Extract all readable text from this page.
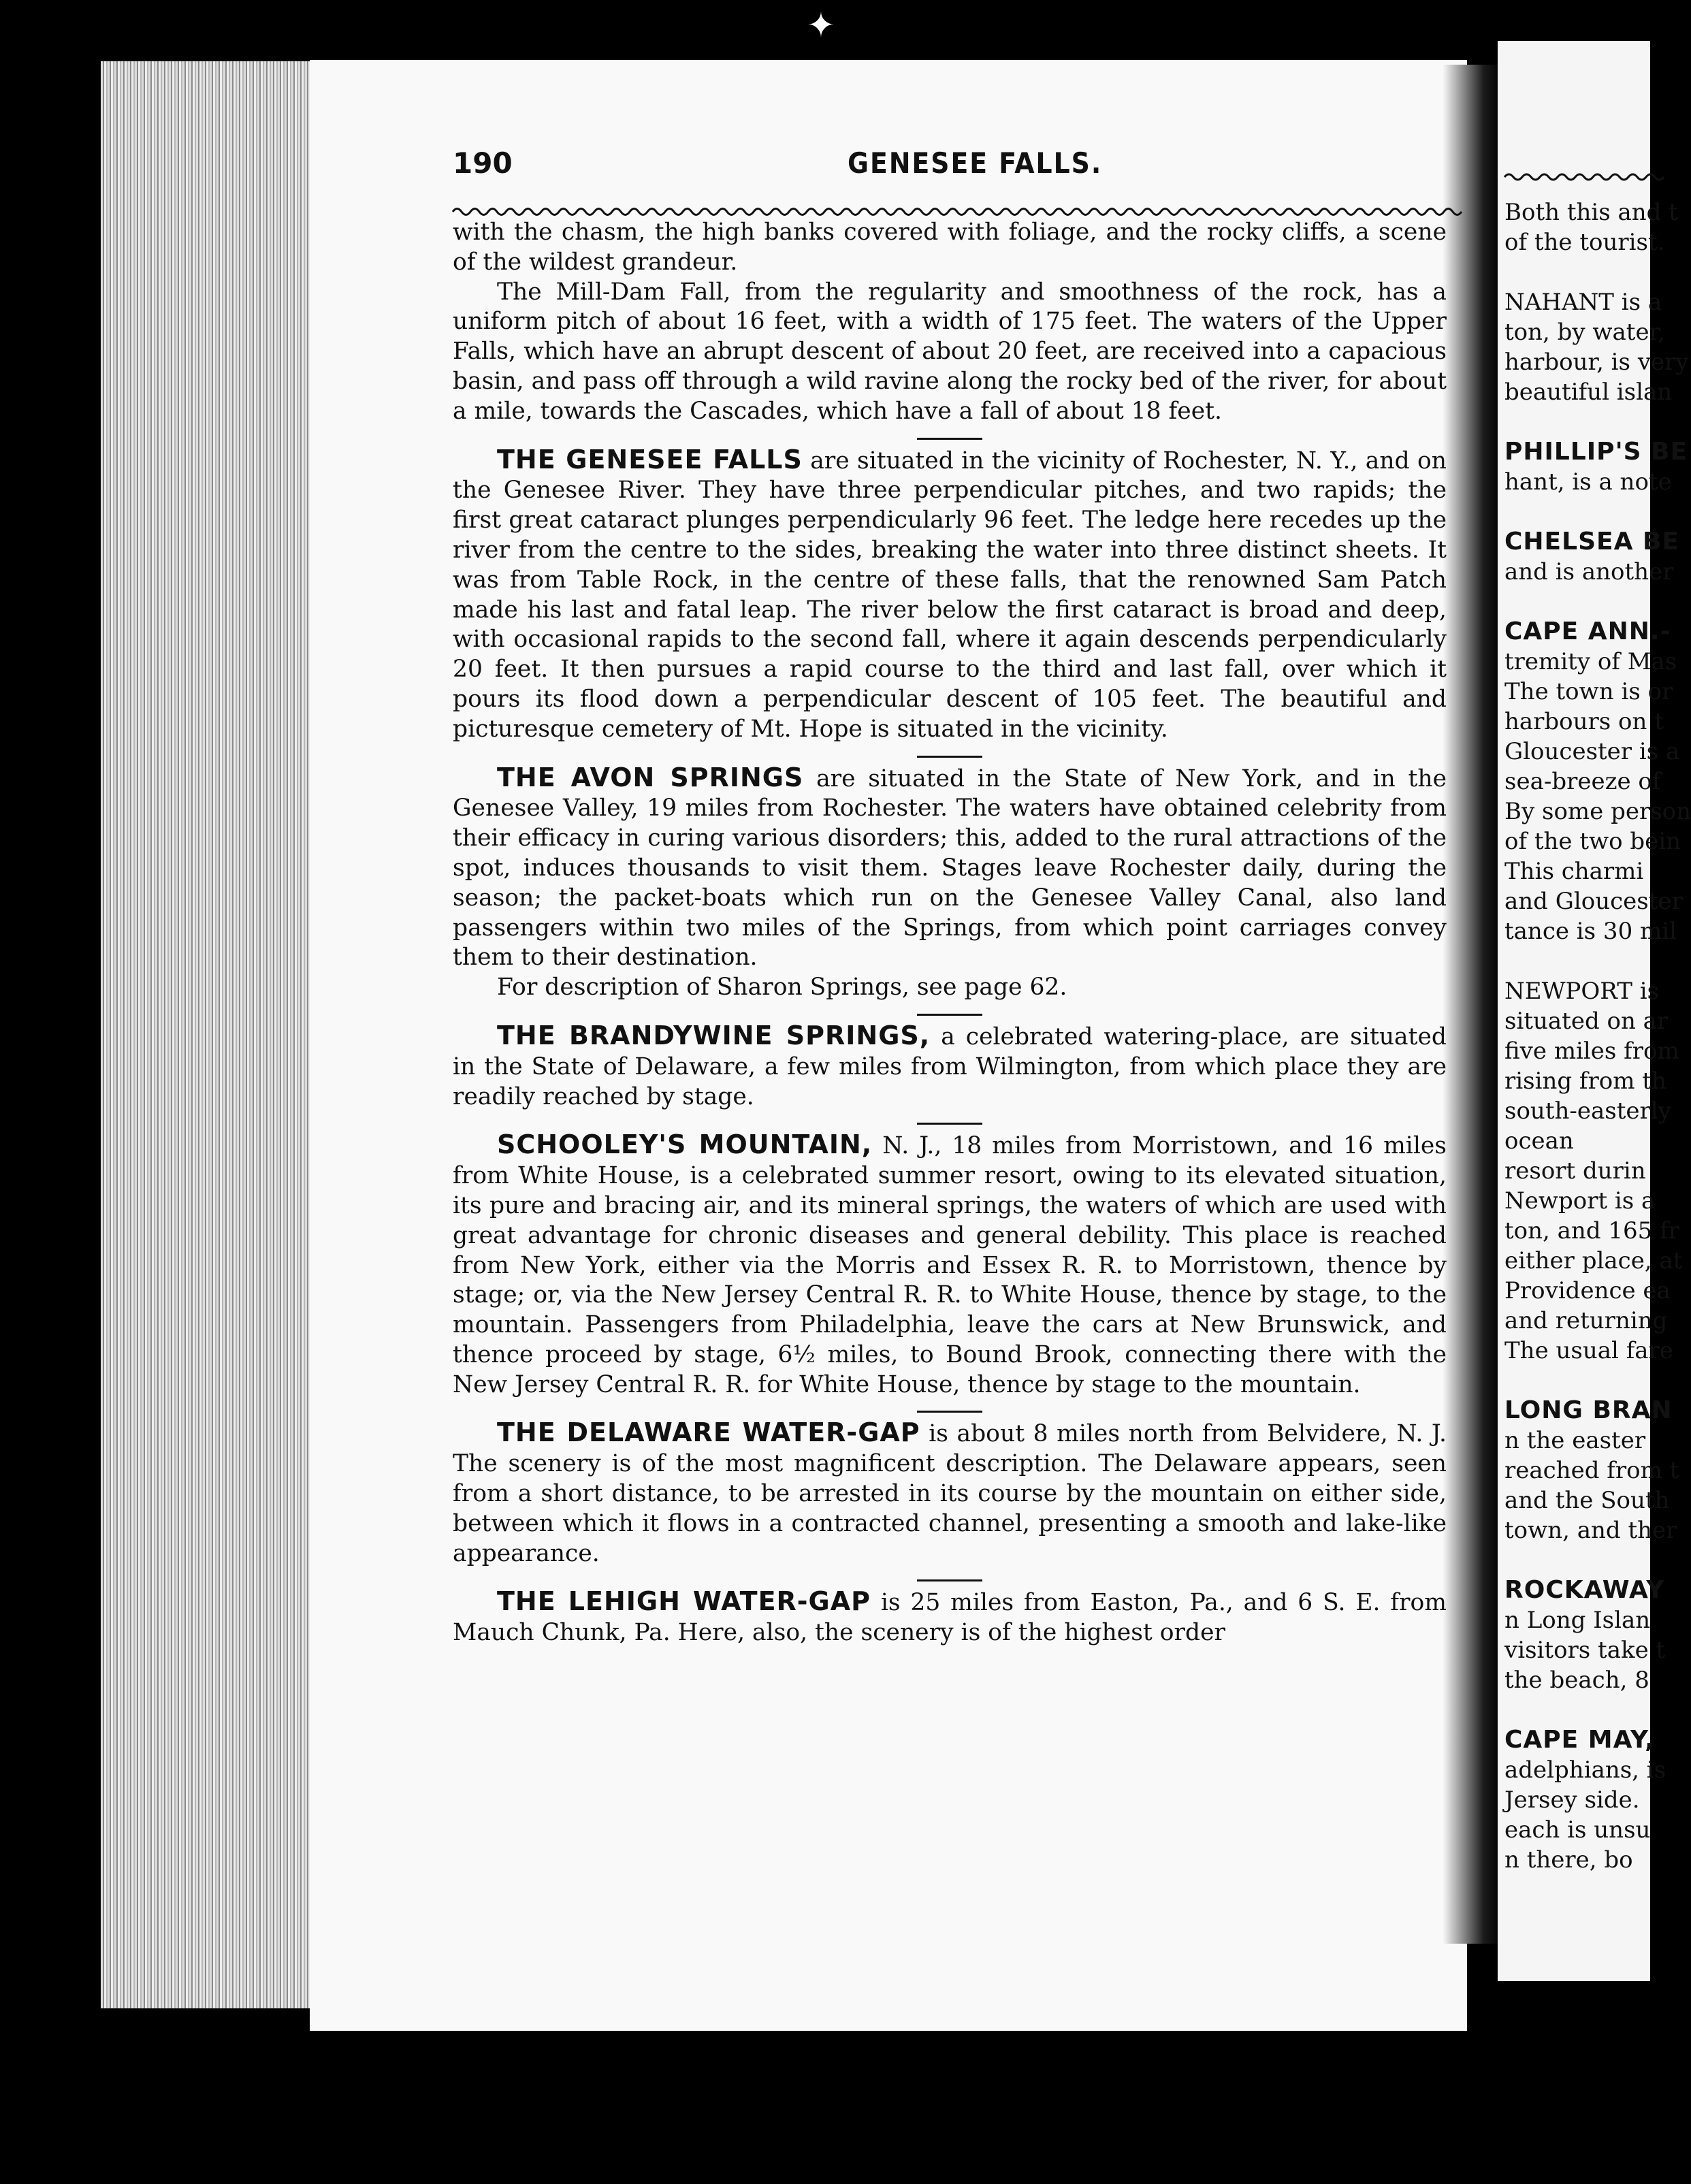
✦
190	GENESEE FALLS.

with the chasm, the high banks covered with foliage, and the rocky cliffs, a scene of the wildest grandeur.

The Mill-Dam Fall, from the regularity and smoothness of the rock, has a uniform pitch of about 16 feet, with a width of 175 feet. The waters of the Upper Falls, which have an abrupt descent of about 20 feet, are received into a capacious basin, and pass off through a wild ravine along the rocky bed of the river, for about a mile, towards the Cascades, which have a fall of about 18 feet.

THE GENESEE FALLS are situated in the vicinity of Rochester, N. Y., and on the Genesee River. They have three perpendicular pitches, and two rapids; the first great cataract plunges perpendicularly 96 feet. The ledge here recedes up the river from the centre to the sides, breaking the water into three distinct sheets. It was from Table Rock, in the centre of these falls, that the renowned Sam Patch made his last and fatal leap. The river below the first cataract is broad and deep, with occasional rapids to the second fall, where it again descends perpendicularly 20 feet. It then pursues a rapid course to the third and last fall, over which it pours its flood down a perpendicular descent of 105 feet. The beautiful and picturesque cemetery of Mt. Hope is situated in the vicinity.

THE AVON SPRINGS are situated in the State of New York, and in the Genesee Valley, 19 miles from Rochester. The waters have obtained celebrity from their efficacy in curing various disorders; this, added to the rural attractions of the spot, induces thousands to visit them. Stages leave Rochester daily, during the season; the packet-boats which run on the Genesee Valley Canal, also land passengers within two miles of the Springs, from which point carriages convey them to their destination.

For description of Sharon Springs, see page 62.

THE BRANDYWINE SPRINGS, a celebrated watering-place, are situated in the State of Delaware, a few miles from Wilmington, from which place they are readily reached by stage.

SCHOOLEY'S MOUNTAIN, N. J., 18 miles from Morristown, and 16 miles from White House, is a celebrated summer resort, owing to its elevated situation, its pure and bracing air, and its mineral springs, the waters of which are used with great advantage for chronic diseases and general debility. This place is reached from New York, either via the Morris and Essex R. R. to Morristown, thence by stage; or, via the New Jersey Central R. R. to White House, thence by stage, to the mountain. Passengers from Philadelphia, leave the cars at New Brunswick, and thence proceed by stage, 6½ miles, to Bound Brook, connecting there with the New Jersey Central R. R. for White House, thence by stage to the mountain.

THE DELAWARE WATER-GAP is about 8 miles north from Belvidere, N. J. The scenery is of the most magnificent description. The Delaware appears, seen from a short distance, to be arrested in its course by the mountain on either side, between which it flows in a contracted channel, presenting a smooth and lake-like appearance.

THE LEHIGH WATER-GAP is 25 miles from Easton, Pa., and 6 S. E. from Mauch Chunk, Pa. Here, also, the scenery is of the highest order

Both this and t
of the tourist.
NAHANT is a
ton, by water,
harbour, is very
beautiful islan
PHILLIP'S BE
hant, is a note
CHELSEA BE
and is another
CAPE ANN.-
tremity of Mas
The town is or
harbours on t
Gloucester is a
sea-breeze of
By some person
of the two bein
This charmi
and Gloucester
tance is 30 mil
NEWPORT is
situated on ar
five miles from
rising from th
south-easterly
ocean
resort durin
Newport is a
ton, and 165 fr
either place, at
Providence ea
and returning
The usual fare
LONG BRAN
n the easter
reached from t
and the South
town, and ther
ROCKAWAY
n Long Islan
visitors take t
the beach, 8
CAPE MAY,
adelphians, is
Jersey side.
each is unsu
n there, bo
